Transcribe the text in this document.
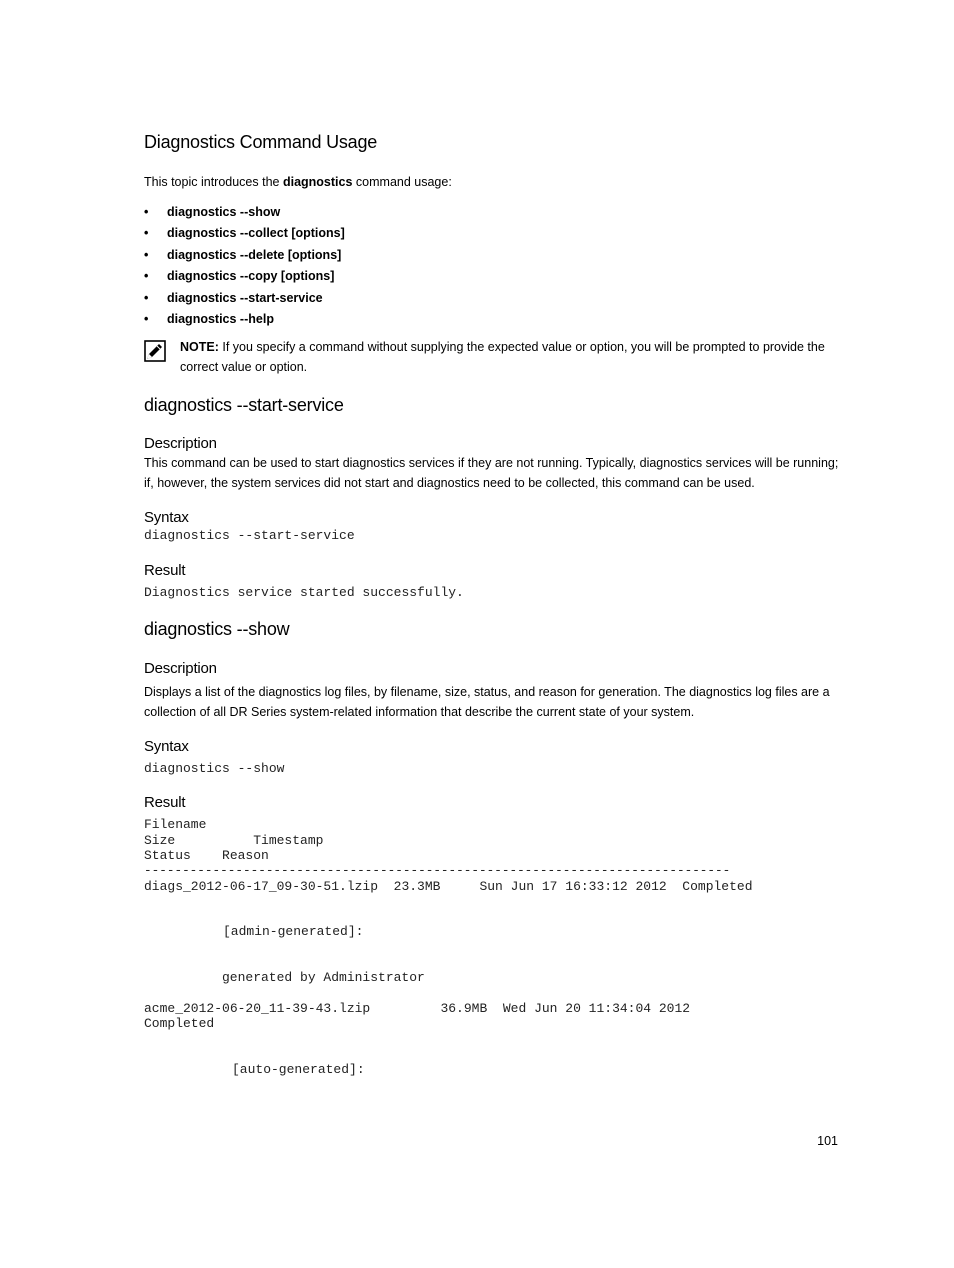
Diagnostics Command Usage
This topic introduces the diagnostics command usage:
• diagnostics --show
• diagnostics --collect [options]
• diagnostics --delete [options]
• diagnostics --copy [options]
• diagnostics --start-service
• diagnostics --help
NOTE: If you specify a command without supplying the expected value or option, you will be prompted to provide the correct value or option.
diagnostics --start-service
Description
This command can be used to start diagnostics services if they are not running. Typically, diagnostics services will be running; if, however, the system services did not start and diagnostics need to be collected, this command can be used.
Syntax
diagnostics --start-service
Result
Diagnostics service started successfully.
diagnostics --show
Description
Displays a list of the diagnostics log files, by filename, size, status, and reason for generation. The diagnostics log files are a collection of all DR Series system-related information that describe the current state of your system.
Syntax
diagnostics --show
Result
Filename
Size          Timestamp
Status    Reason
-----------------------------------------------------------------------------
diags_2012-06-17_09-30-51.lzip  23.3MB     Sun Jun 17 16:33:12 2012  Completed
[admin-generated]:
generated by Administrator
acme_2012-06-20_11-39-43.lzip         36.9MB  Wed Jun 20 11:34:04 2012
Completed
[auto-generated]:
101
